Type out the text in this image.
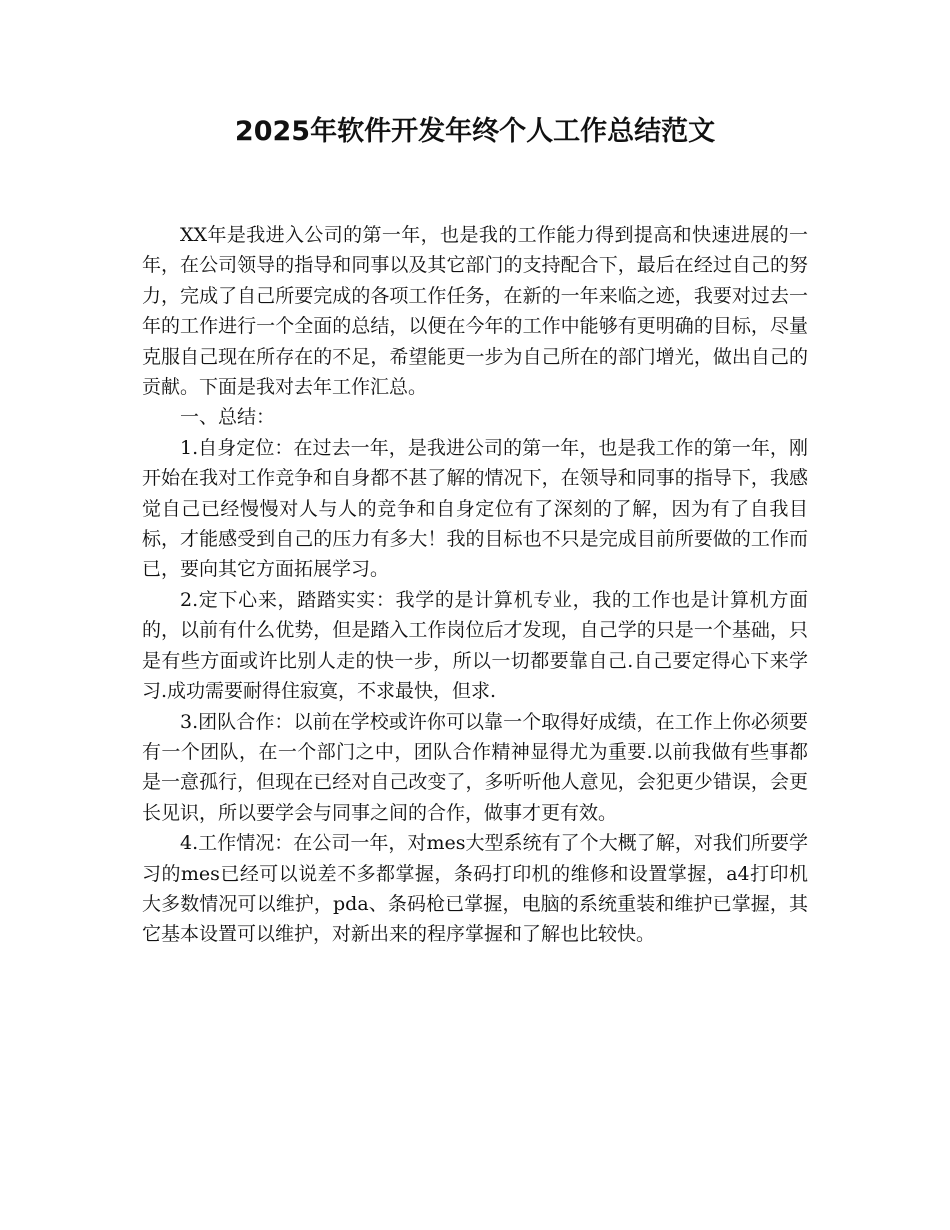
2025年软件开发年终个人工作总结范文

XX年是我进入公司的第一年，也是我的工作能力得到提高和快速进展的一年，在公司领导的指导和同事以及其它部门的支持配合下，最后在经过自己的努力，完成了自己所要完成的各项工作任务，在新的一年来临之迹，我要对过去一年的工作进行一个全面的总结，以便在今年的工作中能够有更明确的目标，尽量克服自己现在所存在的不足，希望能更一步为自己所在的部门增光，做出自己的贡献。下面是我对去年工作汇总。

一、总结：

1.自身定位：在过去一年，是我进公司的第一年，也是我工作的第一年，刚开始在我对工作竞争和自身都不甚了解的情况下，在领导和同事的指导下，我感觉自己已经慢慢对人与人的竞争和自身定位有了深刻的了解，因为有了自我目标，才能感受到自己的压力有多大！我的目标也不只是完成目前所要做的工作而已，要向其它方面拓展学习。

2.定下心来，踏踏实实：我学的是计算机专业，我的工作也是计算机方面的，以前有什么优势，但是踏入工作岗位后才发现，自己学的只是一个基础，只是有些方面或许比别人走的快一步，所以一切都要靠自己.自己要定得心下来学习.成功需要耐得住寂寞，不求最快，但求.

3.团队合作：以前在学校或许你可以靠一个取得好成绩，在工作上你必须要有一个团队，在一个部门之中，团队合作精神显得尤为重要.以前我做有些事都是一意孤行，但现在已经对自己改变了，多听听他人意见，会犯更少错误，会更长见识，所以要学会与同事之间的合作，做事才更有效。

4.工作情况：在公司一年，对mes大型系统有了个大概了解，对我们所要学习的mes已经可以说差不多都掌握，条码打印机的维修和设置掌握，a4打印机大多数情况可以维护，pda、条码枪已掌握，电脑的系统重装和维护已掌握，其它基本设置可以维护，对新出来的程序掌握和了解也比较快。
